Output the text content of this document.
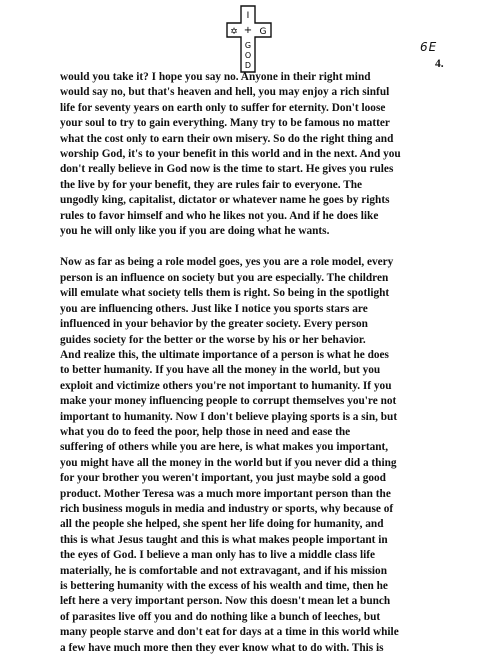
I
✡ + G
G
O
D
6E
4.

would you take it? I hope you say no. Anyone in their right mind
would say no, but that's heaven and hell, you may enjoy a rich sinful
life for seventy years on earth only to suffer for eternity. Don't loose
your soul to try to gain everything. Many try to be famous no matter
what the cost only to earn their own misery. So do the right thing and
worship God, it's to your benefit in this world and in the next. And you
don't really believe in God now is the time to start. He gives you rules
the live by for your benefit, they are rules fair to everyone. The
ungodly king, capitalist, dictator or whatever name he goes by rights
rules to favor himself and who he likes not you. And if he does like
you he will only like you if you are doing what he wants.

Now as far as being a role model goes, yes you are a role model, every
person is an influence on society but you are especially. The children
will emulate what society tells them is right. So being in the spotlight
you are influencing others. Just like I notice you sports stars are
influenced in your behavior by the greater society. Every person
guides society for the better or the worse by his or her behavior.
And realize this, the ultimate importance of a person is what he does
to better humanity. If you have all the money in the world, but you
exploit and victimize others you're not important to humanity. If you
make your money influencing people to corrupt themselves you're not
important to humanity. Now I don't believe playing sports is a sin, but
what you do to feed the poor, help those in need and ease the
suffering of others while you are here, is what makes you important,
you might have all the money in the world but if you never did a thing
for your brother you weren't important, you just maybe sold a good
product. Mother Teresa was a much more important person than the
rich business moguls in media and industry or sports, why because of
all the people she helped, she spent her life doing for humanity, and
this is what Jesus taught and this is what makes people important in
the eyes of God. I believe a man only has to live a middle class life
materially, he is comfortable and not extravagant, and if his mission
is bettering humanity with the excess of his wealth and time, then he
left here a very important person. Now this doesn't mean let a bunch
of parasites live off you and do nothing like a bunch of leeches, but
many people starve and don't eat for days at a time in this world while
a few have much more then they ever know what to do with. This is
